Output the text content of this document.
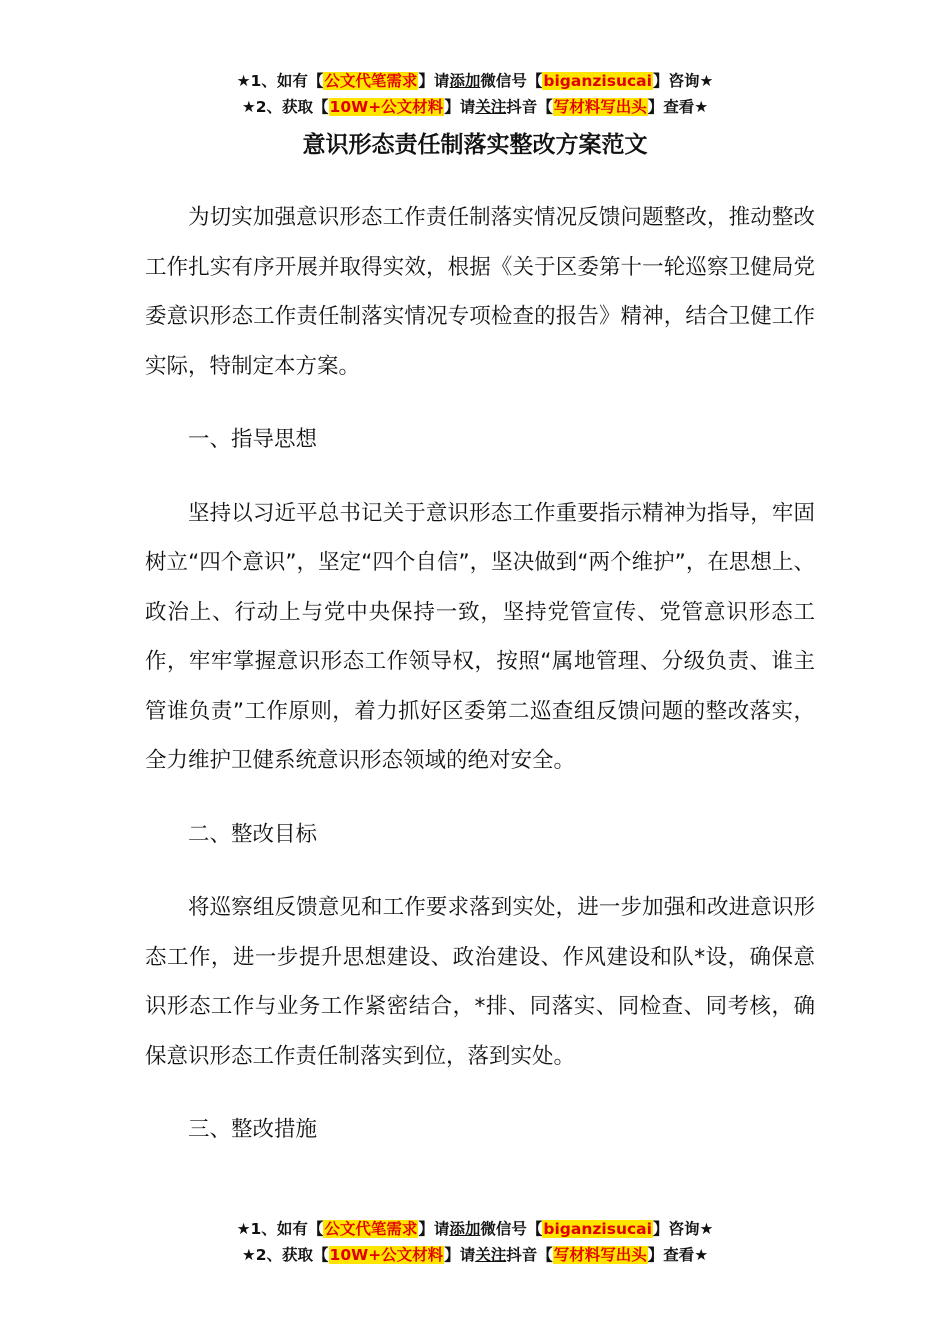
★1、如有【公文代笔需求】请添加微信号【biganzisucai】咨询★
★2、获取【10W+公文材料】请关注抖音【写材料写出头】查看★
意识形态责任制落实整改方案范文

为切实加强意识形态工作责任制落实情况反馈问题整改，推动整改工作扎实有序开展并取得实效，根据《关于区委第十一轮巡察卫健局党委意识形态工作责任制落实情况专项检查的报告》精神，结合卫健工作实际，特制定本方案。

一、指导思想

坚持以习近平总书记关于意识形态工作重要指示精神为指导，牢固树立“四个意识”，坚定“四个自信”，坚决做到“两个维护”，在思想上、政治上、行动上与党中央保持一致，坚持党管宣传、党管意识形态工作，牢牢掌握意识形态工作领导权，按照“属地管理、分级负责、谁主管谁负责”工作原则，着力抓好区委第二巡查组反馈问题的整改落实，全力维护卫健系统意识形态领域的绝对安全。

二、整改目标

将巡察组反馈意见和工作要求落到实处，进一步加强和改进意识形态工作，进一步提升思想建设、政治建设、作风建设和队*设，确保意识形态工作与业务工作紧密结合，*排、同落实、同检查、同考核，确保意识形态工作责任制落实到位，落到实处。

三、整改措施

★1、如有【公文代笔需求】请添加微信号【biganzisucai】咨询★
★2、获取【10W+公文材料】请关注抖音【写材料写出头】查看★
